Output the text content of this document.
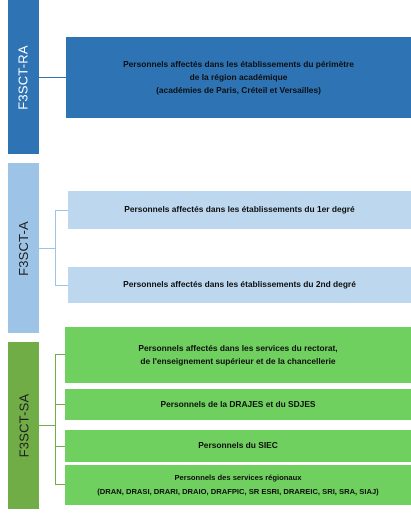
F3SCT-RA	Personnels affectés dans les établissements du périmètre
de la région académique
(académies de Paris, Créteil et Versailles)
F3SCT-A
Personnels affectés dans les établissements du 1er degré
Personnels affectés dans les établissements du 2nd degré
F3SCT-SA
Personnels affectés dans les services du rectorat,
de l'enseignement supérieur et de la chancellerie
Personnels de la DRAJES et du SDJES
Personnels du SIEC
Personnels des services régionaux
(DRAN, DRASI, DRARI, DRAIO, DRAFPIC, SR ESRI, DRAREIC, SRI, SRA, SIAJ)
